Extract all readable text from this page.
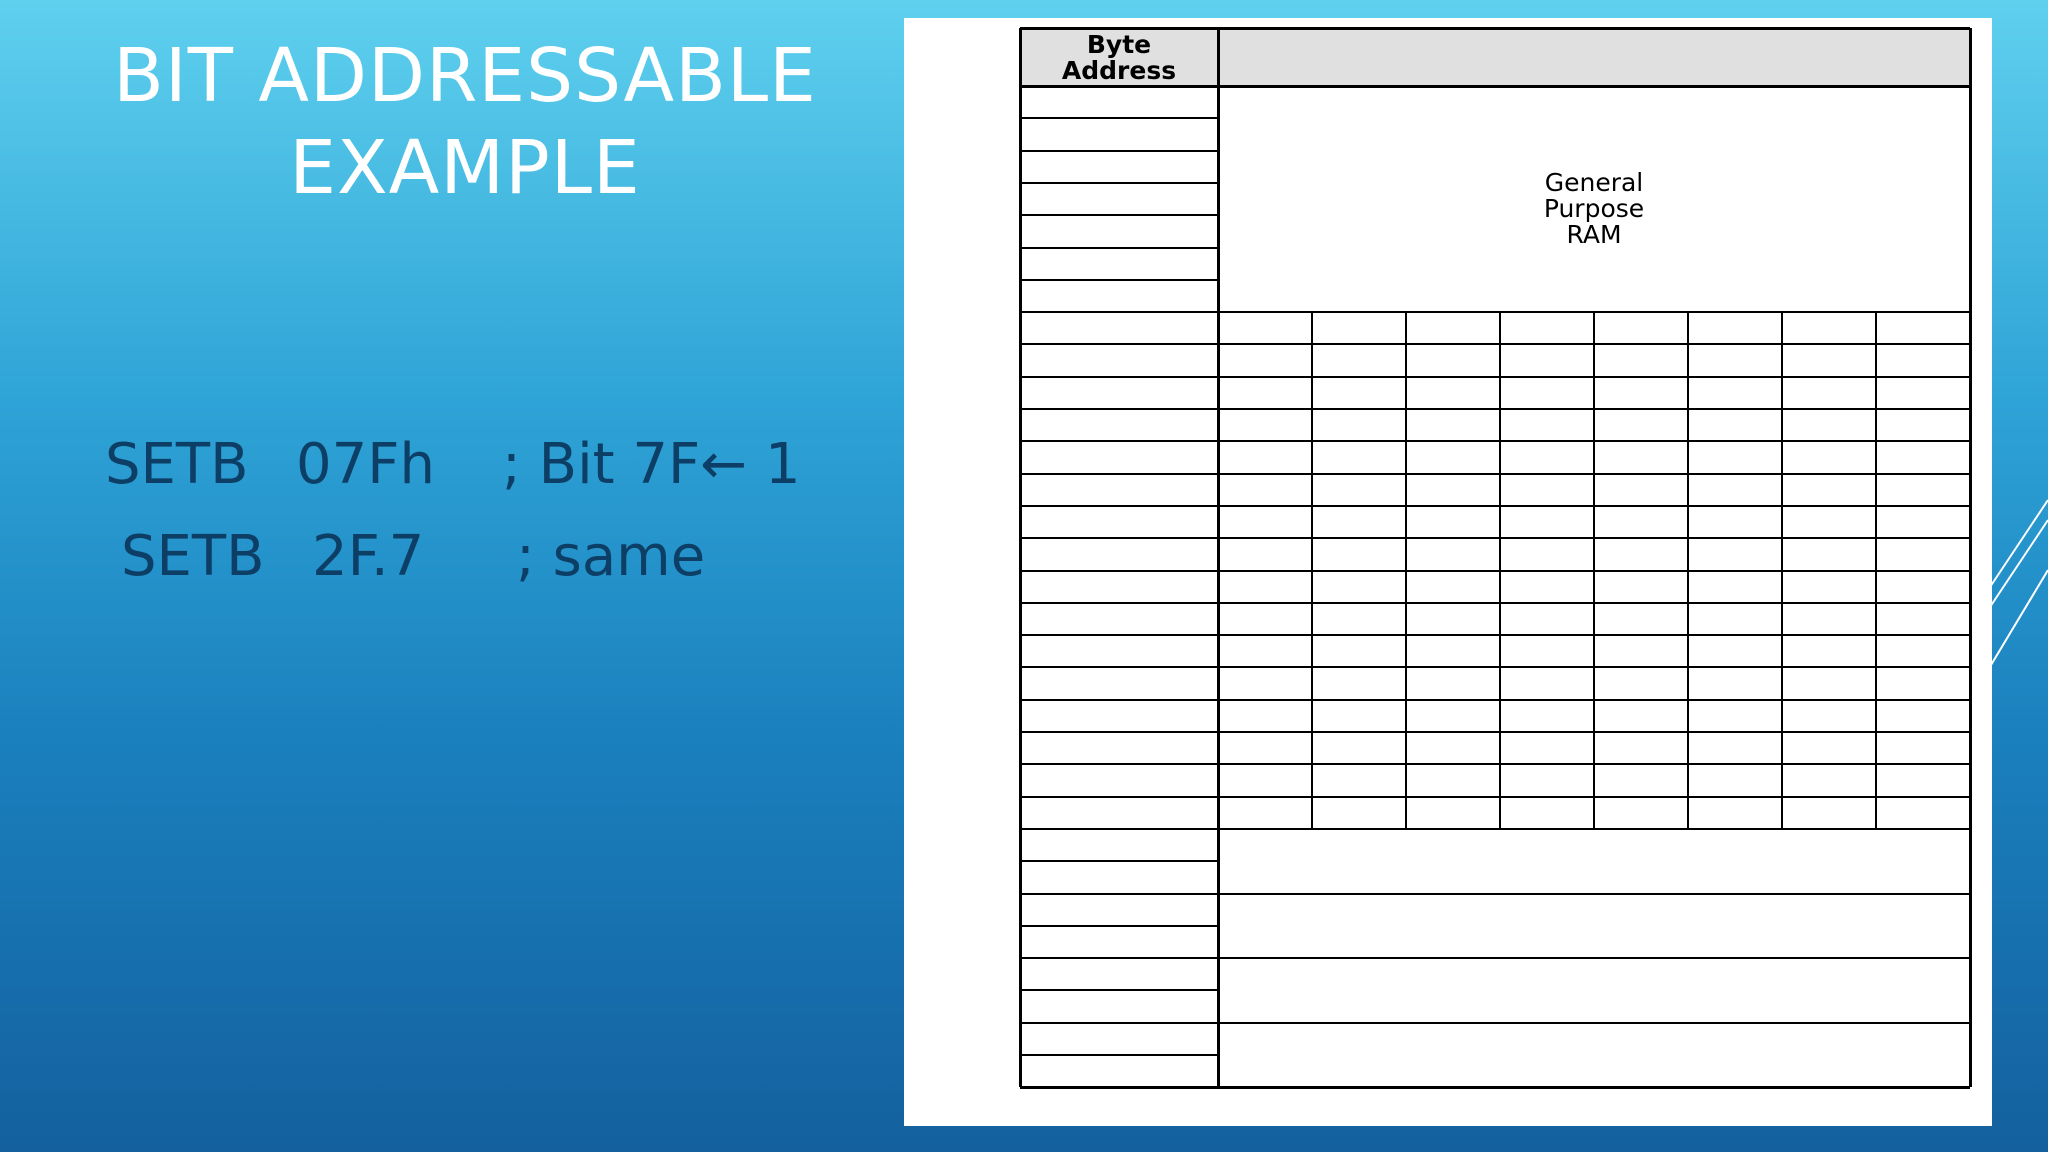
BIT ADDRESSABLE
EXAMPLE

SETB

07Fh

; Bit 7F← 1

SETB

2F.7

; same

Byte
Address
General
Purpose
RAM
